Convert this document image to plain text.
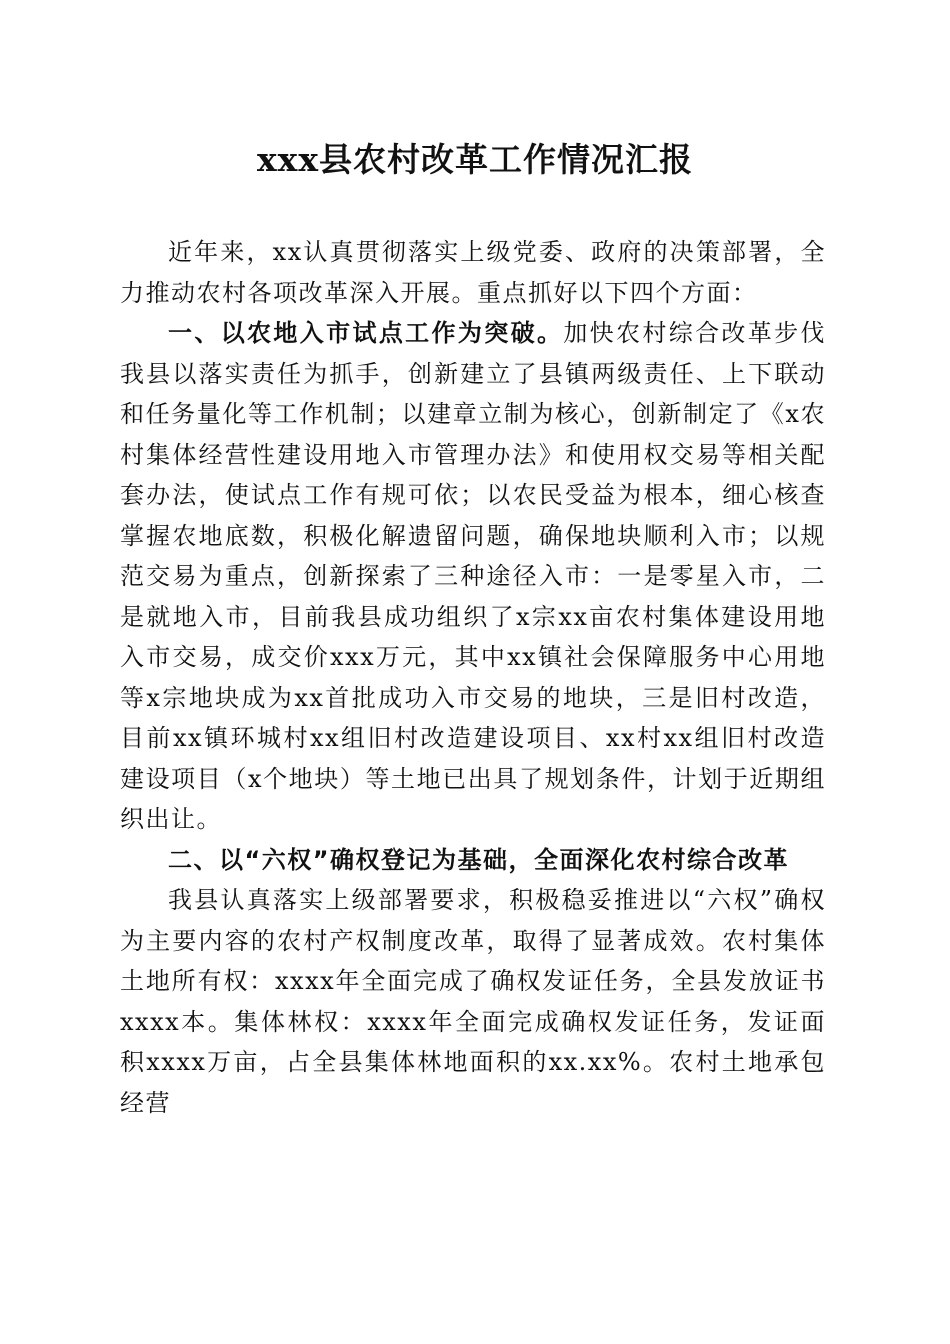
xxx县农村改革工作情况汇报

近年来，xx认真贯彻落实上级党委、政府的决策部署，全力推动农村各项改革深入开展。重点抓好以下四个方面：

一、以农地入市试点工作为突破。加快农村综合改革步伐我县以落实责任为抓手，创新建立了县镇两级责任、上下联动和任务量化等工作机制；以建章立制为核心，创新制定了《x农村集体经营性建设用地入市管理办法》和使用权交易等相关配套办法，使试点工作有规可依；以农民受益为根本，细心核查掌握农地底数，积极化解遗留问题，确保地块顺利入市；以规范交易为重点，创新探索了三种途径入市：一是零星入市，二是就地入市，目前我县成功组织了x宗xx亩农村集体建设用地入市交易，成交价xxx万元，其中xx镇社会保障服务中心用地等x宗地块成为xx首批成功入市交易的地块，三是旧村改造，目前xx镇环城村xx组旧村改造建设项目、xx村xx组旧村改造建设项目（x个地块）等土地已出具了规划条件，计划于近期组织出让。

二、以“六权”确权登记为基础，全面深化农村综合改革

我县认真落实上级部署要求，积极稳妥推进以“六权”确权为主要内容的农村产权制度改革，取得了显著成效。农村集体土地所有权：xxxx年全面完成了确权发证任务，全县发放证书xxxx本。集体林权：xxxx年全面完成确权发证任务，发证面积xxxx万亩，占全县集体林地面积的xx.xx%。农村土地承包经营
